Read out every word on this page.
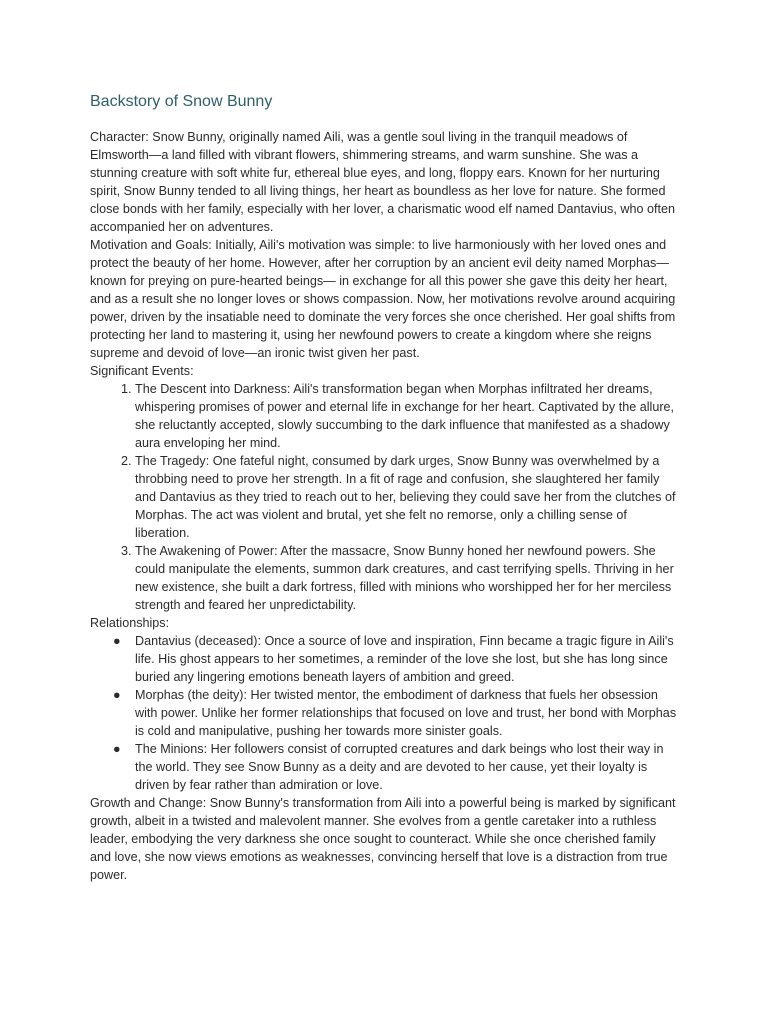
Backstory of Snow Bunny

Character: Snow Bunny, originally named Aili, was a gentle soul living in the tranquil meadows of Elmsworth—a land filled with vibrant flowers, shimmering streams, and warm sunshine. She was a stunning creature with soft white fur, ethereal blue eyes, and long, floppy ears. Known for her nurturing spirit, Snow Bunny tended to all living things, her heart as boundless as her love for nature. She formed close bonds with her family, especially with her lover, a charismatic wood elf named Dantavius, who often accompanied her on adventures.

Motivation and Goals: Initially, Aili's motivation was simple: to live harmoniously with her loved ones and protect the beauty of her home. However, after her corruption by an ancient evil deity named Morphas—known for preying on pure-hearted beings— in exchange for all this power she gave this deity her heart, and as a result she no longer loves or shows compassion. Now, her motivations revolve around acquiring power, driven by the insatiable need to dominate the very forces she once cherished. Her goal shifts from protecting her land to mastering it, using her newfound powers to create a kingdom where she reigns supreme and devoid of love—an ironic twist given her past.

Significant Events:

1. The Descent into Darkness: Aili's transformation began when Morphas infiltrated her dreams, whispering promises of power and eternal life in exchange for her heart. Captivated by the allure, she reluctantly accepted, slowly succumbing to the dark influence that manifested as a shadowy aura enveloping her mind.
2. The Tragedy: One fateful night, consumed by dark urges, Snow Bunny was overwhelmed by a throbbing need to prove her strength. In a fit of rage and confusion, she slaughtered her family and Dantavius as they tried to reach out to her, believing they could save her from the clutches of Morphas. The act was violent and brutal, yet she felt no remorse, only a chilling sense of liberation.
3. The Awakening of Power: After the massacre, Snow Bunny honed her newfound powers. She could manipulate the elements, summon dark creatures, and cast terrifying spells. Thriving in her new existence, she built a dark fortress, filled with minions who worshipped her for her merciless strength and feared her unpredictability.

Relationships:

● Dantavius (deceased): Once a source of love and inspiration, Finn became a tragic figure in Aili's life. His ghost appears to her sometimes, a reminder of the love she lost, but she has long since buried any lingering emotions beneath layers of ambition and greed.
● Morphas (the deity): Her twisted mentor, the embodiment of darkness that fuels her obsession with power. Unlike her former relationships that focused on love and trust, her bond with Morphas is cold and manipulative, pushing her towards more sinister goals.
● The Minions: Her followers consist of corrupted creatures and dark beings who lost their way in the world. They see Snow Bunny as a deity and are devoted to her cause, yet their loyalty is driven by fear rather than admiration or love.

Growth and Change: Snow Bunny's transformation from Aili into a powerful being is marked by significant growth, albeit in a twisted and malevolent manner. She evolves from a gentle caretaker into a ruthless leader, embodying the very darkness she once sought to counteract. While she once cherished family and love, she now views emotions as weaknesses, convincing herself that love is a distraction from true power.
